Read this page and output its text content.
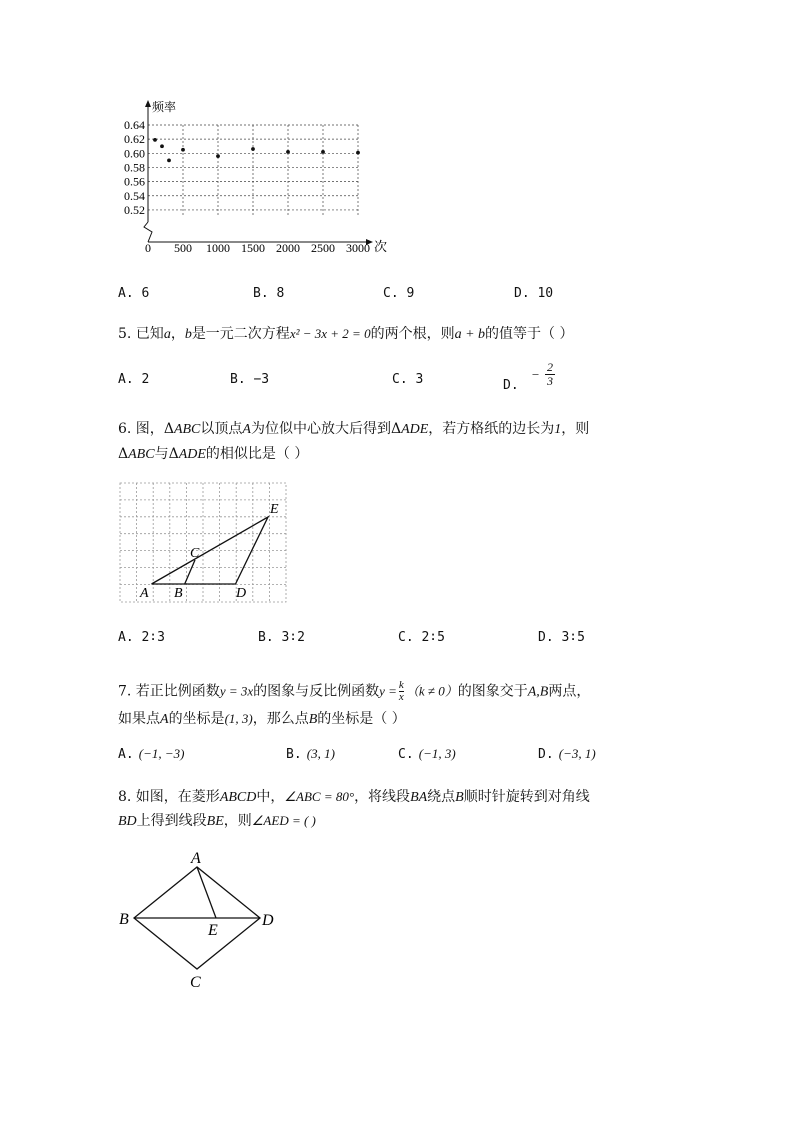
0.64
0.62
0.60
0.58
0.56
0.54
0.52
0 500 1000 1500 2000 2500 3000
频率
次
A. 6	B. 8	C. 9	D. 10
5. 已知a，b是一元二次方程x² − 3x + 2 = 0的两个根，则a + b的值等于（ ）
A. 2	B. −3	C. 3	D.
− 2
3
6. 图，ΔABC以顶点A为位似中心放大后得到ΔADE，若方格纸的边长为1，则
ΔABC与ΔADE的相似比是（ ）
A B
C
D
E
A. 2∶3	B. 3∶2	C. 2∶5	D. 3∶5
7. 若正比例函数y = 3x的图象与反比例函数$y = \frac{k}{x} (k \ne 0)$的图象交于A,B两点，
如果点A的坐标是(1, 3)，那么点B的坐标是（ ）
A. (−1, −3)	B. (3, 1)	C. (−1, 3)	D. (−3, 1)
8. 如图，在菱形ABCD中，∠ABC = 80°，将线段BA绕点B顺时针旋转到对角线
BD上得到线段BE，则∠AED = ( )
A
B
C
D
E
